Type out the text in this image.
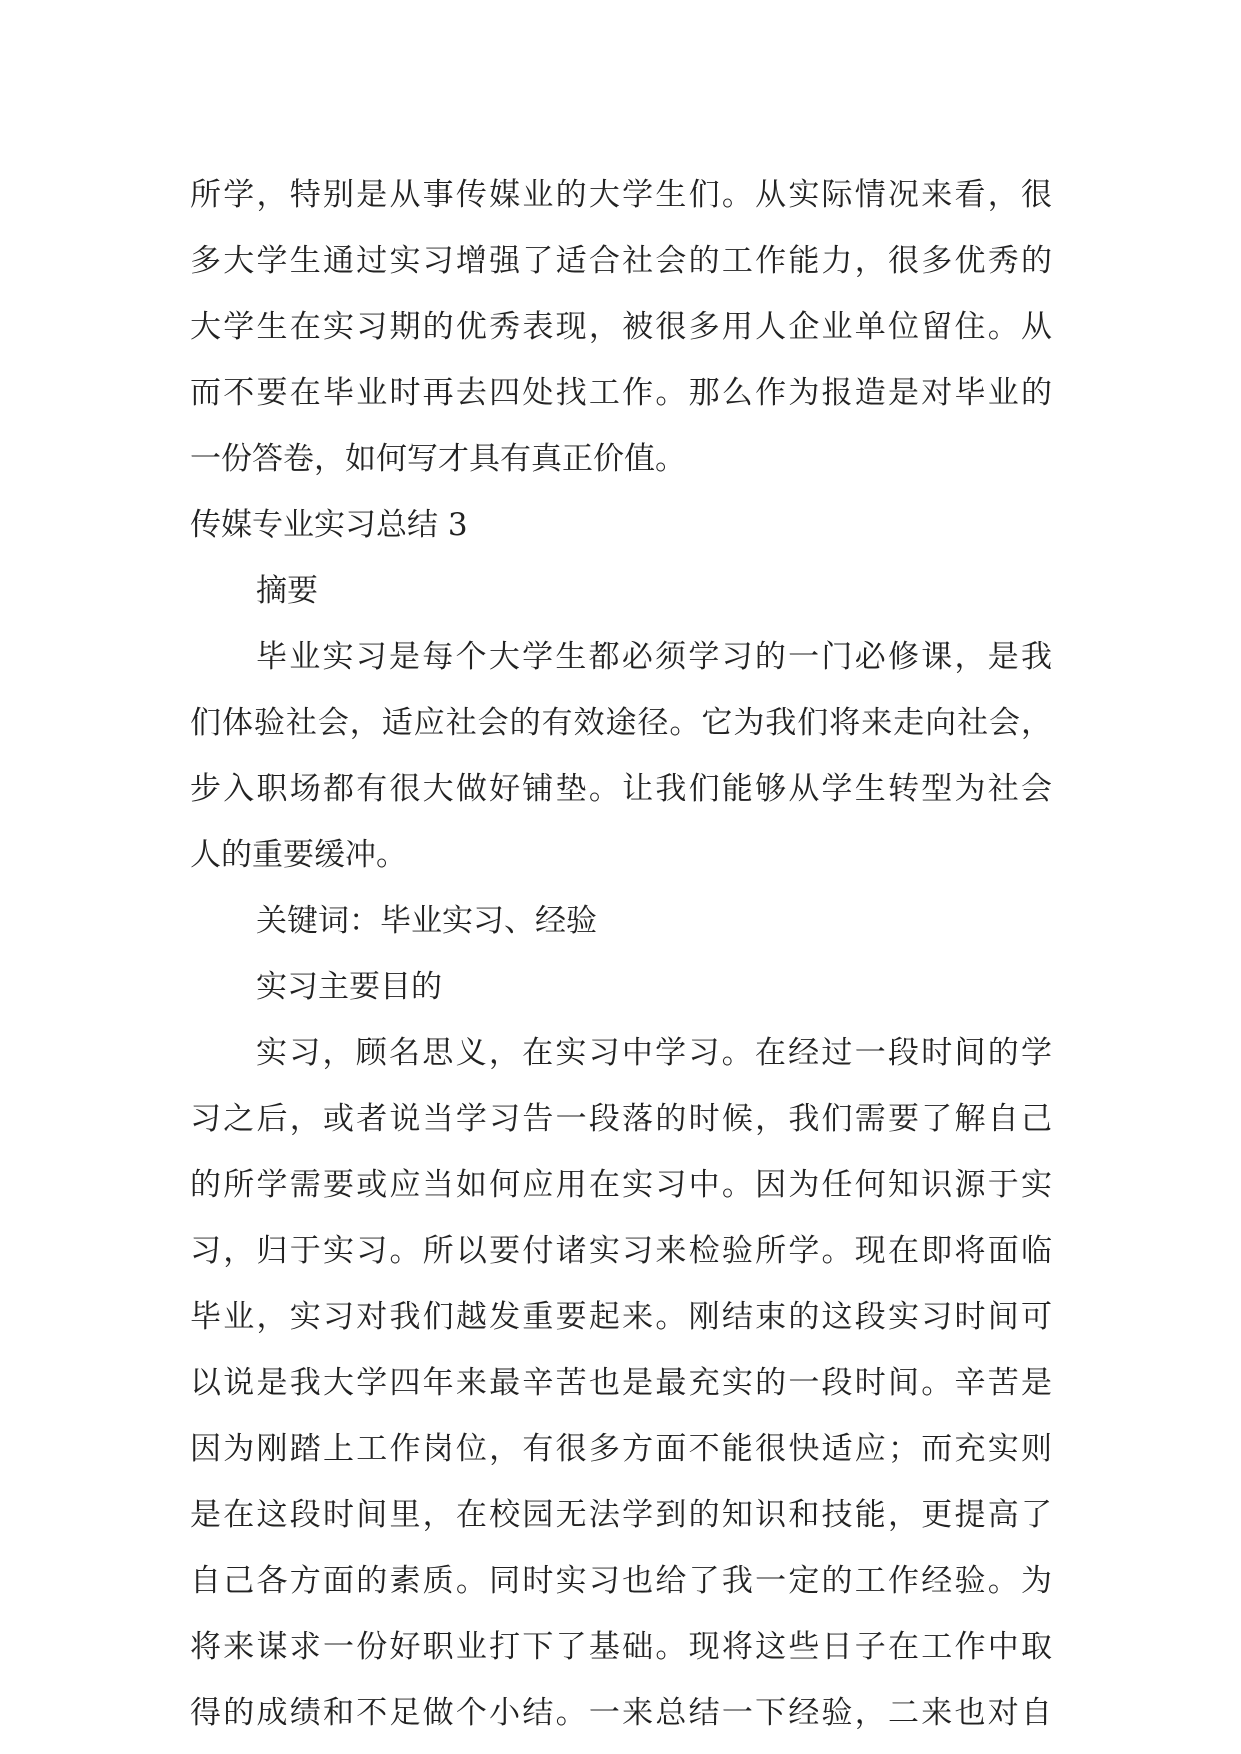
所学，特别是从事传媒业的大学生们。从实际情况来看，很
多大学生通过实习增强了适合社会的工作能力，很多优秀的
大学生在实习期的优秀表现，被很多用人企业单位留住。从
而不要在毕业时再去四处找工作。那么作为报造是对毕业的
一份答卷，如何写才具有真正价值。
传媒专业实习总结 3
摘要
毕业实习是每个大学生都必须学习的一门必修课，是我
们体验社会，适应社会的有效途径。它为我们将来走向社会，
步入职场都有很大做好铺垫。让我们能够从学生转型为社会
人的重要缓冲。
关键词：毕业实习、经验
实习主要目的
实习，顾名思义，在实习中学习。在经过一段时间的学
习之后，或者说当学习告一段落的时候，我们需要了解自己
的所学需要或应当如何应用在实习中。因为任何知识源于实
习，归于实习。所以要付诸实习来检验所学。现在即将面临
毕业，实习对我们越发重要起来。刚结束的这段实习时间可
以说是我大学四年来最辛苦也是最充实的一段时间。辛苦是
因为刚踏上工作岗位，有很多方面不能很快适应；而充实则
是在这段时间里，在校园无法学到的知识和技能，更提高了
自己各方面的素质。同时实习也给了我一定的工作经验。为
将来谋求一份好职业打下了基础。现将这些日子在工作中取
得的成绩和不足做个小结。一来总结一下经验，二来也对自
